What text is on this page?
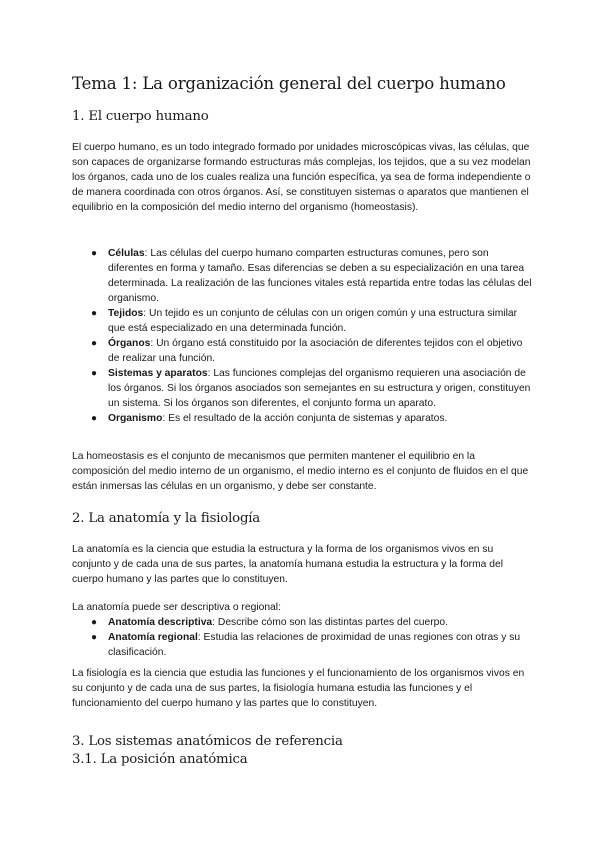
Tema 1: La organización general del cuerpo humano
1. El cuerpo humano

El cuerpo humano, es un todo integrado formado por unidades microscópicas vivas, las células, que son capaces de organizarse formando estructuras más complejas, los tejidos, que a su vez modelan los órganos, cada uno de los cuales realiza una función específica, ya sea de forma independiente o de manera coordinada con otros órganos. Así, se constituyen sistemas o aparatos que mantienen el equilibrio en la composición del medio interno del organismo (homeostasis).

● Células: Las células del cuerpo humano comparten estructuras comunes, pero son diferentes en forma y tamaño. Esas diferencias se deben a su especialización en una tarea determinada. La realización de las funciones vitales está repartida entre todas las células del organismo.
● Tejidos: Un tejido es un conjunto de células con un origen común y una estructura similar que está especializado en una determinada función.
● Órganos: Un órgano está constituido por la asociación de diferentes tejidos con el objetivo de realizar una función.
● Sistemas y aparatos: Las funciones complejas del organismo requieren una asociación de los órganos. Si los órganos asociados son semejantes en su estructura y origen, constituyen un sistema. Si los órganos son diferentes, el conjunto forma un aparato.
● Organismo: Es el resultado de la acción conjunta de sistemas y aparatos.

La homeostasis es el conjunto de mecanismos que permiten mantener el equilibrio en la composición del medio interno de un organismo, el medio interno es el conjunto de fluidos en el que están inmersas las células en un organismo, y debe ser constante.

2. La anatomía y la fisiología

La anatomía es la ciencia que estudia la estructura y la forma de los organismos vivos en su conjunto y de cada una de sus partes, la anatomía humana estudia la estructura y la forma del cuerpo humano y las partes que lo constituyen.

La anatomía puede ser descriptiva o regional:

● Anatomía descriptiva: Describe cómo son las distintas partes del cuerpo.
● Anatomía regional: Estudia las relaciones de proximidad de unas regiones con otras y su clasificación.

La fisiología es la ciencia que estudia las funciones y el funcionamiento de los organismos vivos en su conjunto y de cada una de sus partes, la fisiología humana estudia las funciones y el funcionamiento del cuerpo humano y las partes que lo constituyen.

3. Los sistemas anatómicos de referencia
3.1. La posición anatómica
